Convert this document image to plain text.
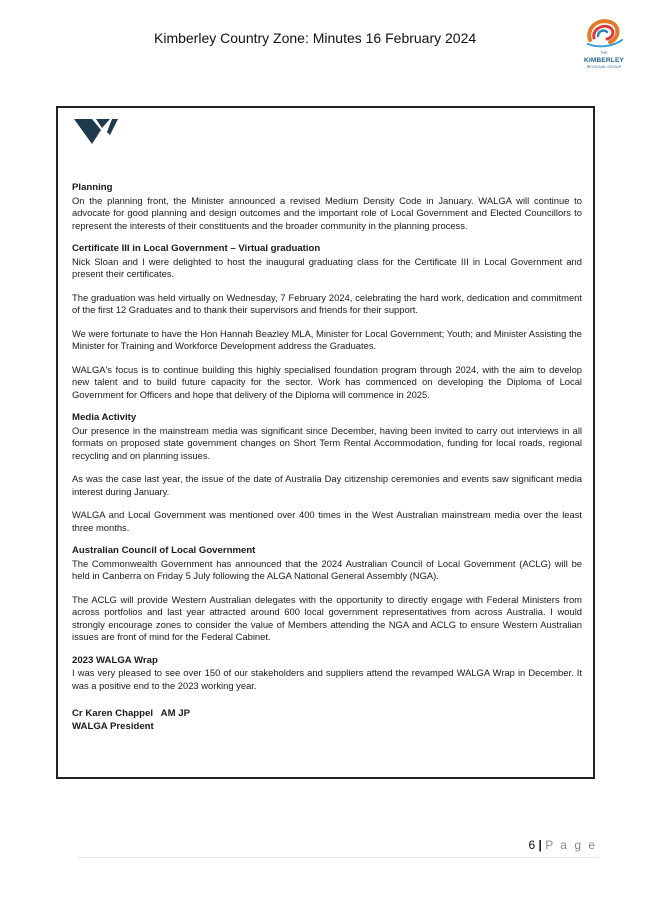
Kimberley Country Zone: Minutes 16 February 2024
THE
KIMBERLEY
REGIONAL GROUP
Planning

On the planning front, the Minister announced a revised Medium Density Code in January. WALGA will continue to advocate for good planning and design outcomes and the important role of Local Government and Elected Councillors to represent the interests of their constituents and the broader community in the planning process.

Certificate III in Local Government – Virtual graduation

Nick Sloan and I were delighted to host the inaugural graduating class for the Certificate III in Local Government and present their certificates.

The graduation was held virtually on Wednesday, 7 February 2024, celebrating the hard work, dedication and commitment of the first 12 Graduates and to thank their supervisors and friends for their support.

We were fortunate to have the Hon Hannah Beazley MLA, Minister for Local Government; Youth; and Minister Assisting the Minister for Training and Workforce Development address the Graduates.

WALGA's focus is to continue building this highly specialised foundation program through 2024, with the aim to develop new talent and to build future capacity for the sector. Work has commenced on developing the Diploma of Local Government for Officers and hope that delivery of the Diploma will commence in 2025.

Media Activity

Our presence in the mainstream media was significant since December, having been invited to carry out interviews in all formats on proposed state government changes on Short Term Rental Accommodation, funding for local roads, regional recycling and on planning issues.

As was the case last year, the issue of the date of Australia Day citizenship ceremonies and events saw significant media interest during January.

WALGA and Local Government was mentioned over 400 times in the West Australian mainstream media over the least three months.

Australian Council of Local Government

The Commonwealth Government has announced that the 2024 Australian Council of Local Government (ACLG) will be held in Canberra on Friday 5 July following the ALGA National General Assembly (NGA).

The ACLG will provide Western Australian delegates with the opportunity to directly engage with Federal Ministers from across portfolios and last year attracted around 600 local government representatives from across Australia. I would strongly encourage zones to consider the value of Members attending the NGA and ACLG to ensure Western Australian issues are front of mind for the Federal Cabinet.

2023 WALGA Wrap

I was very pleased to see over 150 of our stakeholders and suppliers attend the revamped WALGA Wrap in December. It was a positive end to the 2023 working year.

Cr Karen Chappel   AM JP
WALGA President
6 | P a g e
